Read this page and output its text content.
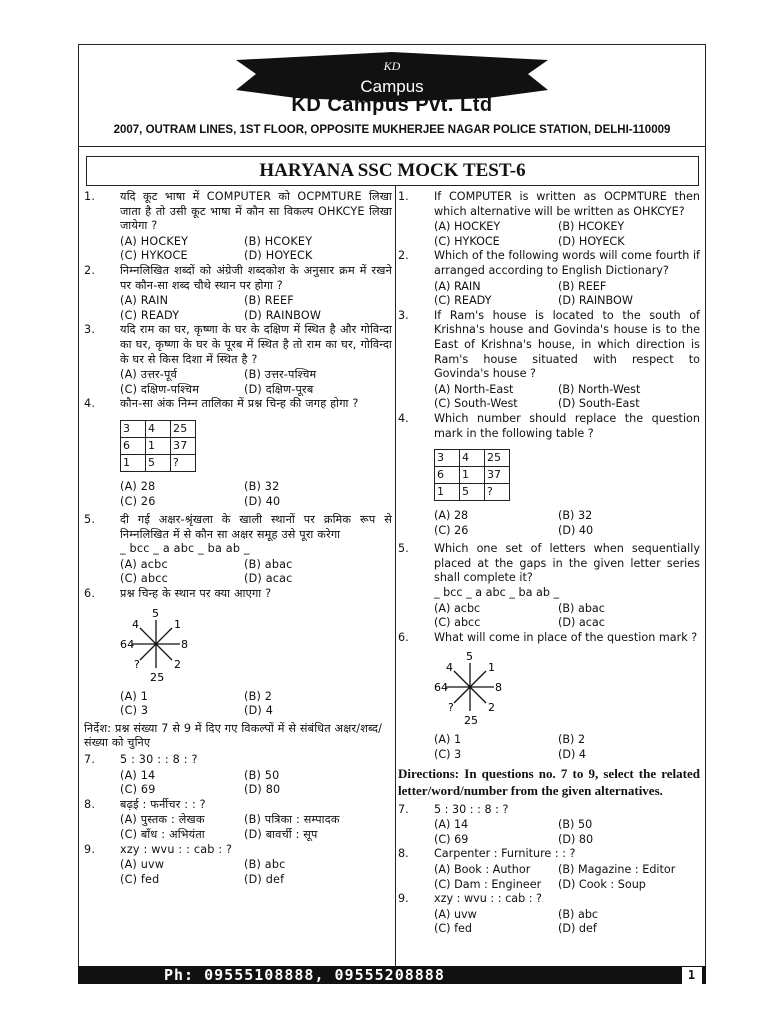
KD
Campus
KD Campus Pvt. Ltd
2007, OUTRAM LINES, 1ST FLOOR, OPPOSITE MUKHERJEE NAGAR POLICE STATION, DELHI-110009
HARYANA SSC MOCK TEST-6
1.	यदि कूट भाषा में COMPUTER को OCPMTURE लिखा जाता है तो उसी कूट भाषा में कौन सा विकल्प OHKCYE लिखा जायेगा ?
(A) HOCKEY	(B) HCOKEY
(C) HYKOCE	(D) HOYECK
2.	निम्नलिखित शब्दों को अंग्रेजी शब्दकोश के अनुसार क्रम में रखने पर कौन-सा शब्द चौथे स्थान पर होगा ?
(A) RAIN	(B) REEF
(C) READY	(D) RAINBOW
3.	यदि राम का घर, कृष्णा के घर के दक्षिण में स्थित है और गोविन्दा का घर, कृष्णा के घर के पूरब में स्थित है तो राम का घर, गोविन्दा के घर से किस दिशा में स्थित है ?
(A) उत्तर-पूर्व	(B) उत्तर-पश्चिम
(C) दक्षिण-पश्चिम	(D) दक्षिण-पूरब
4.	कौन-सा अंक निम्न तालिका में प्रश्न चिन्ह की जगह होगा ?
3	4	25
6	1	37
1	5	?
(A) 28	(B) 32
(C) 26	(D) 40
5.	दी गई अक्षर-श्रृंखला के खाली स्थानों पर क्रमिक रूप से निम्नलिखित में से कौन सा अक्षर समूह उसे पूरा करेगा
_ bcc _ a abc _ ba ab _
(A) acbc	(B) abac
(C) abcc	(D) acac
6.	प्रश्न चिन्ह के स्थान पर क्या आएगा ?
5
4	1
64	8
?	2
25
(A) 1	(B) 2
(C) 3	(D) 4
निर्देश: प्रश्न संख्या 7 से 9 में दिए गए विकल्पों में से संबंधित अक्षर/शब्द/संख्या को चुनिए
7.	5 : 30 : : 8 : ?
(A) 14	(B) 50
(C) 69	(D) 80
8.	बढ़ई : फर्नीचर : : ?
(A) पुस्तक : लेखक	(B) पत्रिका : सम्पादक
(C) बाँध : अभियंता	(D) बावर्ची : सूप
9.	xzy : wvu : : cab : ?
(A) uvw	(B) abc
(C) fed	(D) def
1.	If COMPUTER is written as OCPMTURE then which alternative will be written as OHKCYE?
(A) HOCKEY	(B) HCOKEY
(C) HYKOCE	(D) HOYECK
2.	Which of the following words will come fourth if arranged according to English Dictionary?
(A) RAIN	(B) REEF
(C) READY	(D) RAINBOW
3.	If Ram's house is located to the south of Krishna's house and Govinda's house is to the East of Krishna's house, in which direction is Ram's house situated with respect to Govinda's house ?
(A) North-East	(B) North-West
(C) South-West	(D) South-East
4.	Which number should replace the question mark in the following table ?
3	4	25
6	1	37
1	5	?
(A) 28	(B) 32
(C) 26	(D) 40
5.	Which one set of letters when sequentially placed at the gaps in the given letter series shall complete it?
_ bcc _ a abc _ ba ab _
(A) acbc	(B) abac
(C) abcc	(D) acac
6.	What will come in place of the question mark ?
5
4	1
64	8
?	2
25
(A) 1	(B) 2
(C) 3	(D) 4
Directions: In questions no. 7 to 9, select the related letter/word/number from the given alternatives.
7.	5 : 30 : : 8 : ?
(A) 14	(B) 50
(C) 69	(D) 80
8.	Carpenter : Furniture : : ?
(A) Book : Author	(B) Magazine : Editor
(C) Dam : Engineer	(D) Cook : Soup
9.	xzy : wvu : : cab : ?
(A) uvw	(B) abc
(C) fed	(D) def
Ph: 09555108888, 09555208888	1
